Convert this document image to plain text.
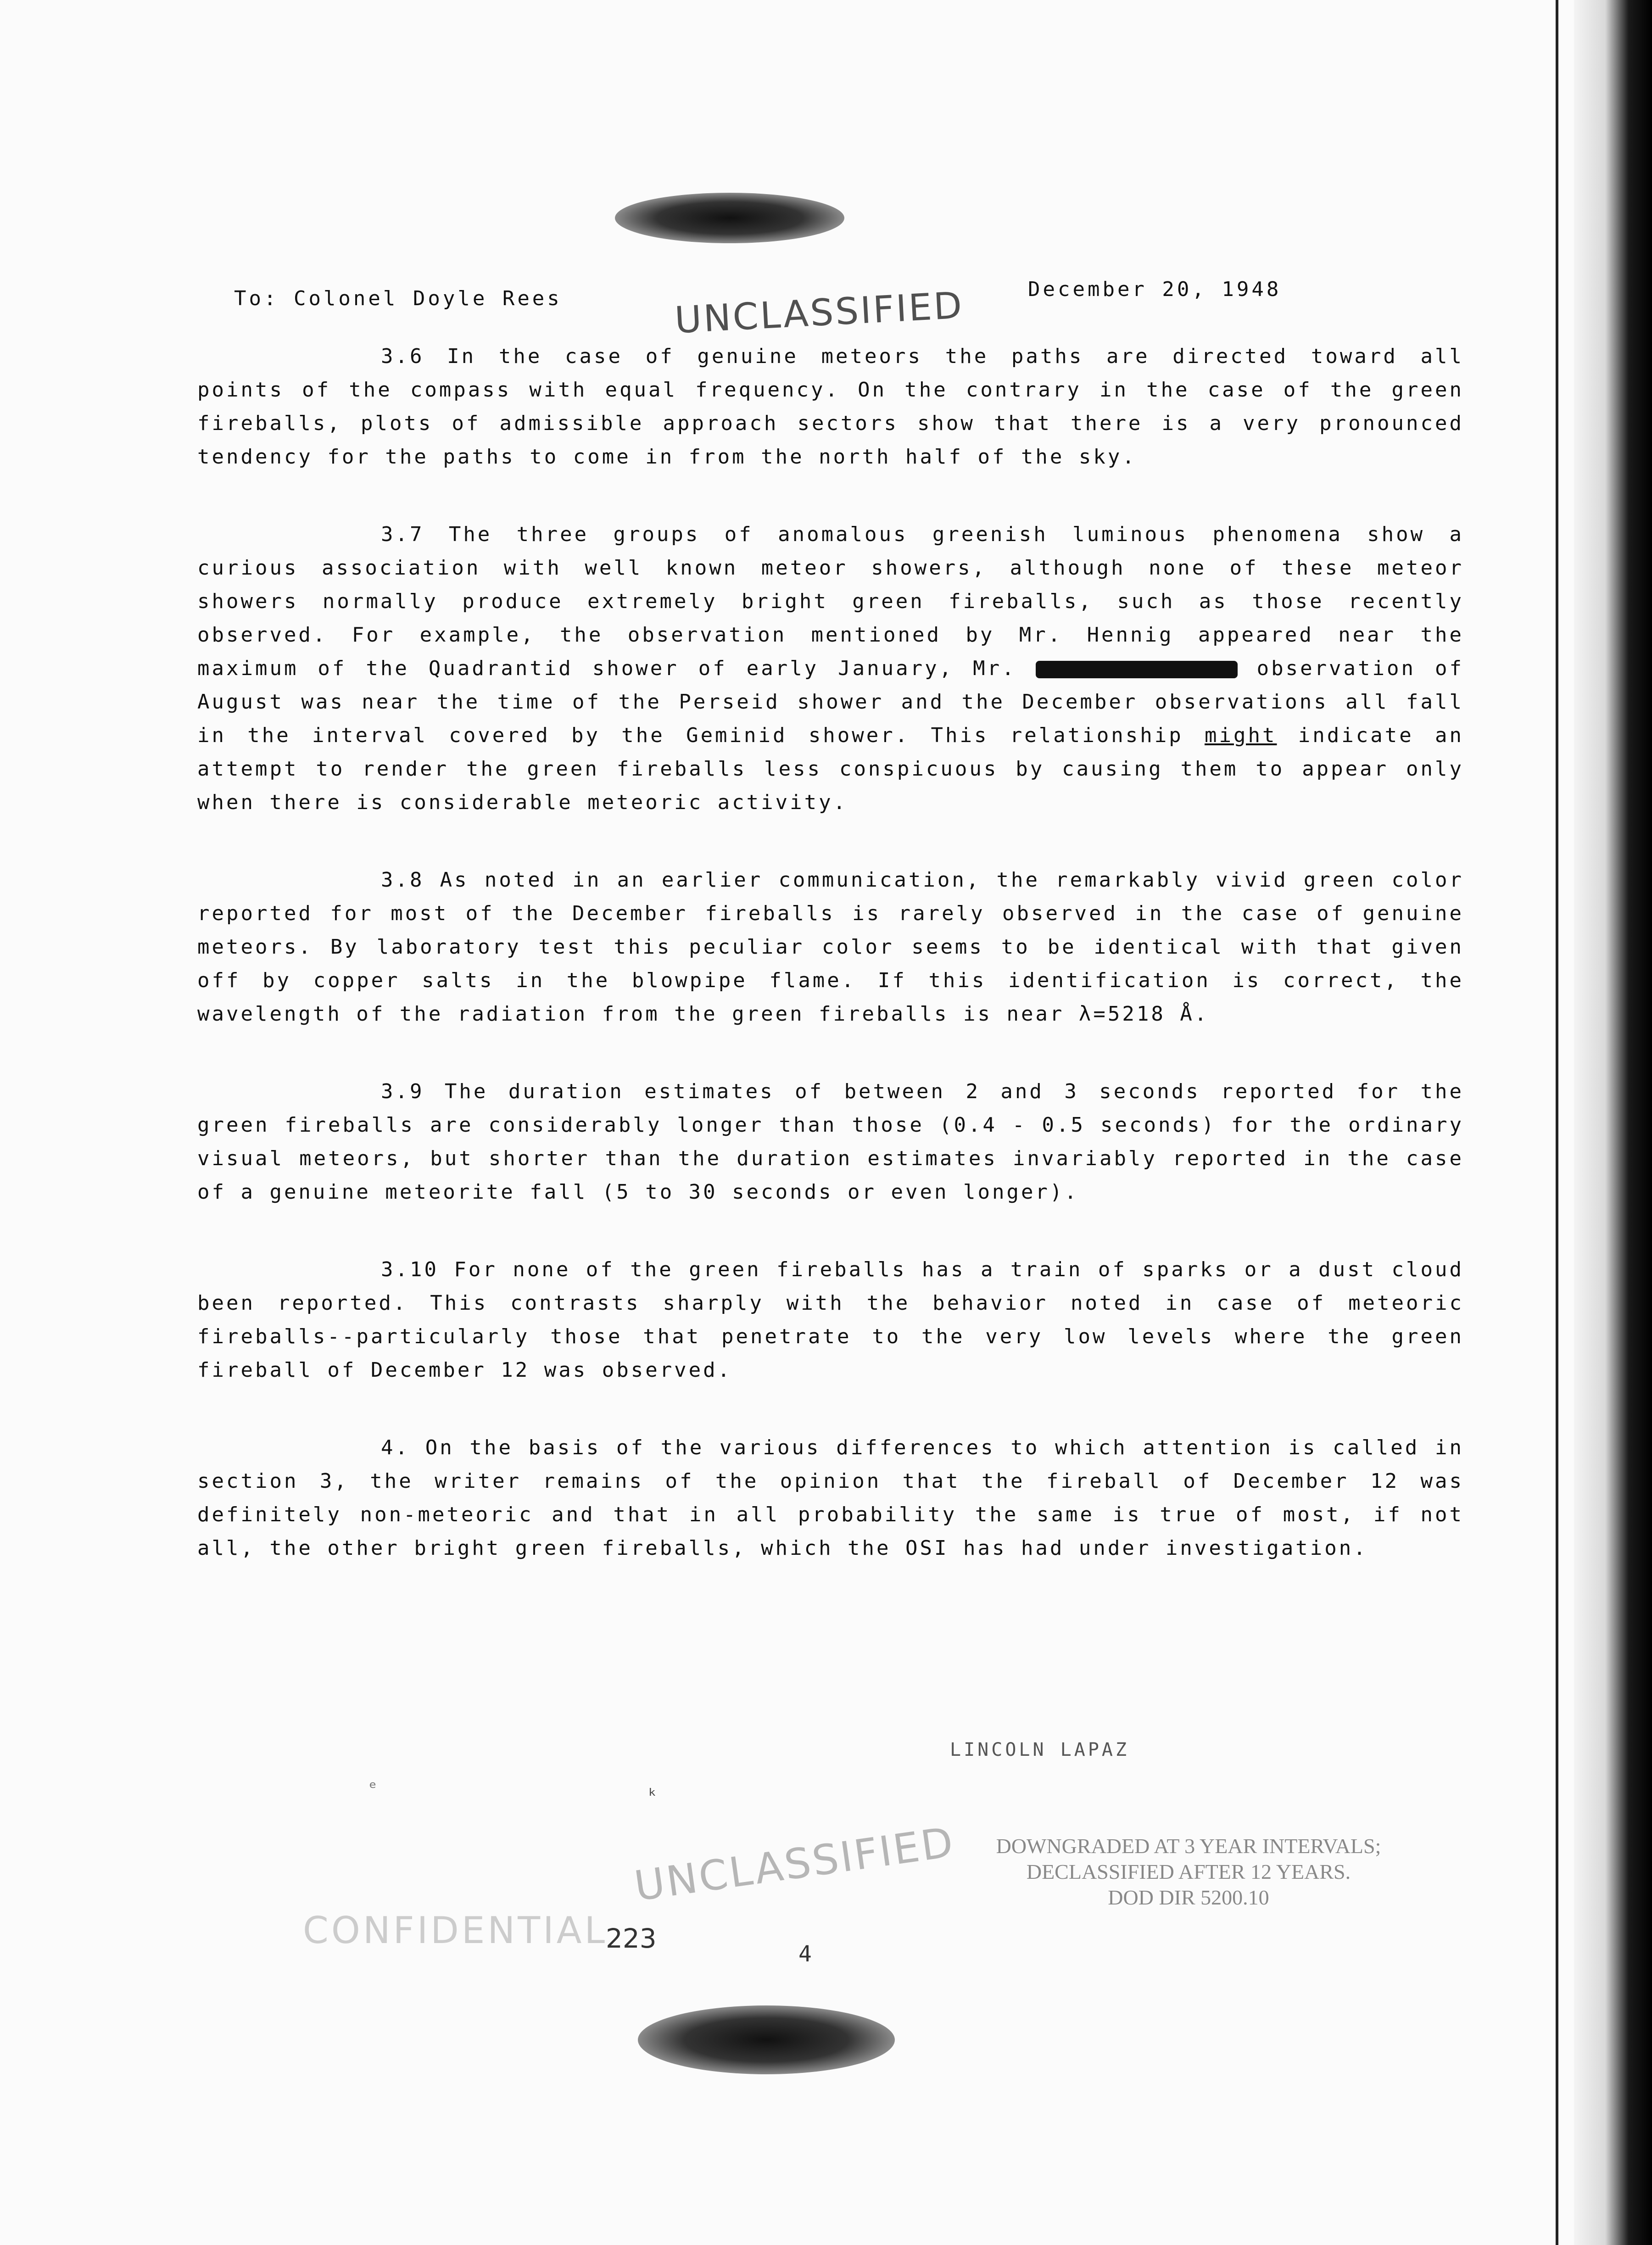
To: Colonel Doyle Rees	UNCLASSIFIED	December 20, 1948

3.6 In the case of genuine meteors the paths are directed toward all points of the compass with equal frequency. On the contrary in the case of the green fireballs, plots of admissible approach sectors show that there is a very pronounced tendency for the paths to come in from the north half of the sky.

3.7 The three groups of anomalous greenish luminous phenomena show a curious association with well known meteor showers, although none of these meteor showers normally produce extremely bright green fireballs, such as those recently observed. For example, the observation mentioned by Mr. Hennig appeared near the maximum of the Quadrantid shower of early January, Mr.	observation of August was near the time of the Perseid shower and the December observations all fall in the interval covered by the Geminid shower. This relationship might indicate an attempt to render the green fireballs less conspicuous by causing them to appear only when there is considerable meteoric activity.

3.8 As noted in an earlier communication, the remarkably vivid green color reported for most of the December fireballs is rarely observed in the case of genuine meteors. By laboratory test this peculiar color seems to be identical with that given off by copper salts in the blowpipe flame. If this identification is correct, the wavelength of the radiation from the green fireballs is near λ=5218 Å.

3.9 The duration estimates of between 2 and 3 seconds reported for the green fireballs are considerably longer than those (0.4 - 0.5 seconds) for the ordinary visual meteors, but shorter than the duration estimates invariably reported in the case of a genuine meteorite fall (5 to 30 seconds or even longer).

3.10 For none of the green fireballs has a train of sparks or a dust cloud been reported. This contrasts sharply with the behavior noted in case of meteoric fireballs--particularly those that penetrate to the very low levels where the green fireball of December 12 was observed.

4. On the basis of the various differences to which attention is called in section 3, the writer remains of the opinion that the fireball of December 12 was definitely non-meteoric and that in all probability the same is true of most, if not all, the other bright green fireballs, which the OSI has had under investigation.

LINCOLN LAPAZ
ₑ
ᵏ
UNCLASSIFIED
CONFIDENTIAL
DOWNGRADED AT 3 YEAR INTERVALS;
DECLASSIFIED AFTER 12 YEARS.
DOD DIR 5200.10
223	4
